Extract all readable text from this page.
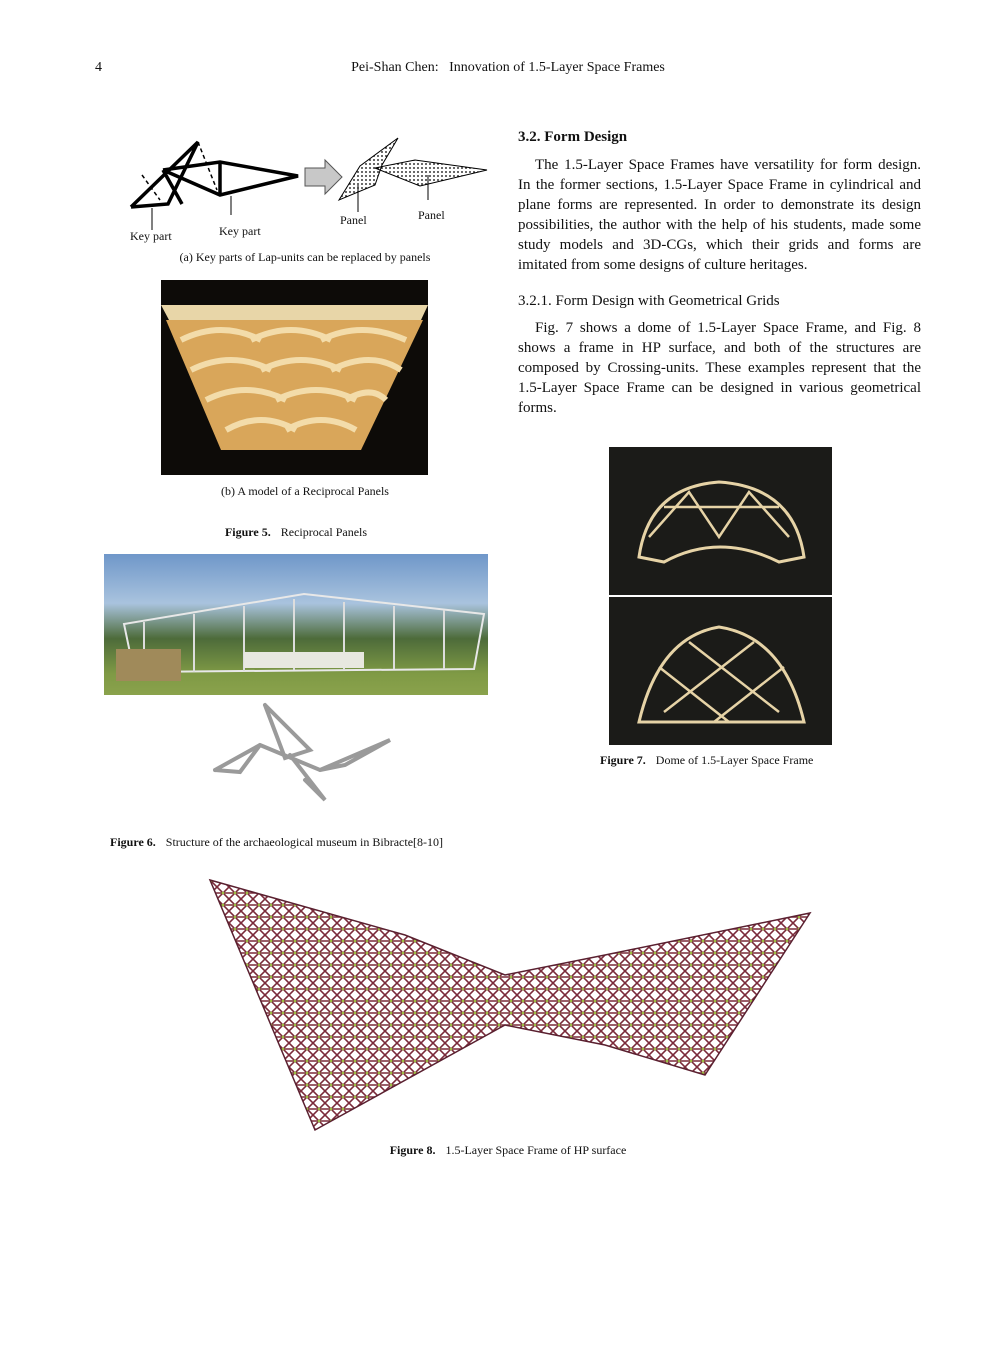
4	Pei-Shan Chen:   Innovation of 1.5-Layer Space Frames
3.2. Form Design

The 1.5-Layer Space Frames have versatility for form design. In the former sections, 1.5-Layer Space Frame in cylindrical and plane forms are represented. In order to demonstrate its design possibilities, the author with the help of his students, made some study models and 3D-CGs, which their grids and forms are imitated from some designs of culture heritages.

3.2.1. Form Design with Geometrical Grids

Fig. 7 shows a dome of 1.5-Layer Space Frame, and Fig. 8 shows a frame in HP surface, and both of the structures are composed by Crossing-units. These examples represent that the 1.5-Layer Space Frame can be designed in various geometrical forms.

Key part	Key part
Panel	Panel
(a) Key parts of Lap-units can be replaced by panels
(b) A model of a Reciprocal Panels
Figure 5. Reciprocal Panels
Figure 6. Structure of the archaeological museum in Bibracte[8-10]
Figure 7. Dome of 1.5-Layer Space Frame
Figure 8. 1.5-Layer Space Frame of HP surface
